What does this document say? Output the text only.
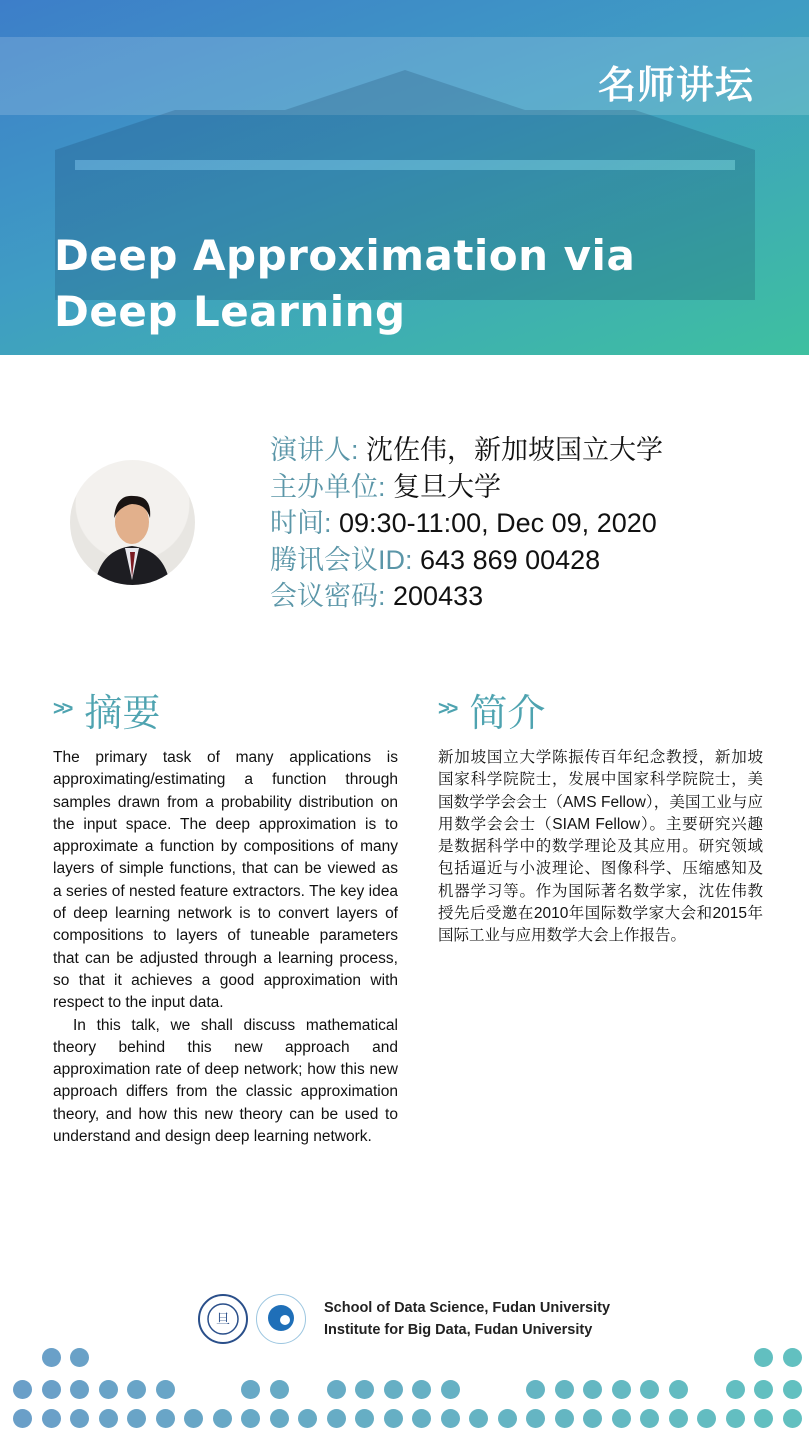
名师讲坛
Deep Approximation via Deep Learning
演讲人: 沈佐伟，新加坡国立大学
主办单位: 复旦大学
时间: 09:30-11:00, Dec 09, 2020
腾讯会议ID: 643 869 00428
会议密码: 200433
>> 摘要	>> 简介

The primary task of many applications is approximating/estimating a function through samples drawn from a probability distribution on the input space. The deep approximation is to approximate a function by compositions of many layers of simple functions, that can be viewed as a series of nested feature extractors. The key idea of deep learning network is to convert layers of compositions to layers of tuneable parameters that can be adjusted through a learning process, so that it achieves a good approximation with respect to the input data.

In this talk, we shall discuss mathematical theory behind this new approach and approximation rate of deep network; how this new approach differs from the classic approximation theory, and how this new theory can be used to understand and design deep learning network.

新加坡国立大学陈振传百年纪念教授，新加坡国家科学院院士，发展中国家科学院院士，美国数学学会会士（AMS Fellow），美国工业与应用数学会会士（SIAM Fellow）。主要研究兴趣是数据科学中的数学理论及其应用。研究领域包括逼近与小波理论、图像科学、压缩感知及机器学习等。作为国际著名数学家，沈佐伟教授先后受邀在2010年国际数学家大会和2015年国际工业与应用数学大会上作报告。
旦
School of Data Science, Fudan University
Institute for Big Data, Fudan University
